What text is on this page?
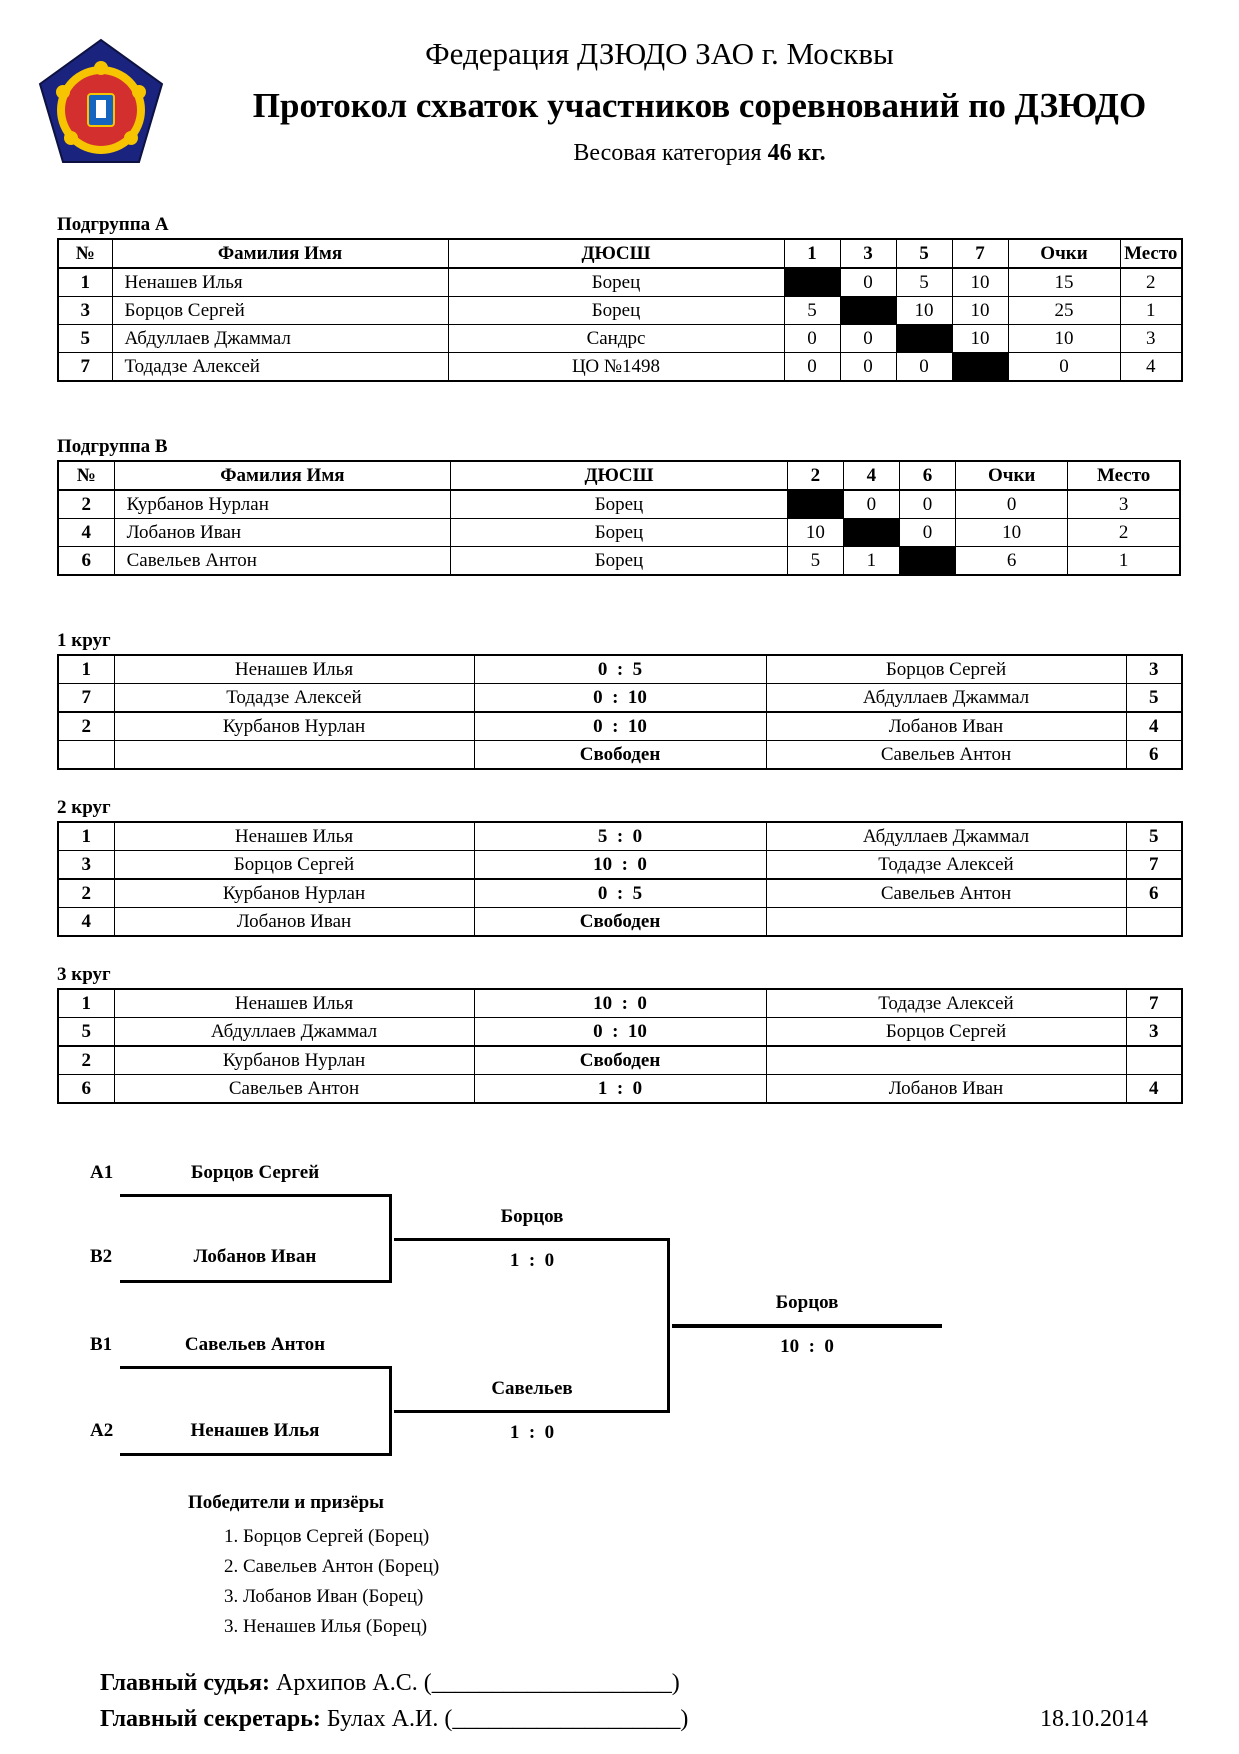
Федерация ДЗЮДО ЗАО г. Москвы
Протокол схваток участников соревнований по ДЗЮДО
Весовая категория 46 кг.
Подгруппа А
№	Фамилия Имя	ДЮСШ	1	3	5	7	Очки	Место
1	Ненашев Илья	Борец		0	5	10	15	2
3	Борцов Сергей	Борец	5		10	10	25	1
5	Абдуллаев Джаммал	Сандрс	0	0		10	10	3
7	Тодадзе Алексей	ЦО №1498	0	0	0		0	4
Подгруппа В
№	Фамилия Имя	ДЮСШ	2	4	6	Очки	Место
2	Курбанов Нурлан	Борец		0	0	0	3
4	Лобанов Иван	Борец	10		0	10	2
6	Савельев Антон	Борец	5	1		6	1
1 круг
1	Ненашев Илья	0  :  5	Борцов Сергей	3
7	Тодадзе Алексей	0  :  10	Абдуллаев Джаммал	5
2	Курбанов Нурлан	0  :  10	Лобанов Иван	4
		Свободен	Савельев Антон	6
2 круг
1	Ненашев Илья	5  :  0	Абдуллаев Джаммал	5
3	Борцов Сергей	10  :  0	Тодадзе Алексей	7
2	Курбанов Нурлан	0  :  5	Савельев Антон	6
4	Лобанов Иван	Свободен		
3 круг
1	Ненашев Илья	10  :  0	Тодадзе Алексей	7
5	Абдуллаев Джаммал	0  :  10	Борцов Сергей	3
2	Курбанов Нурлан	Свободен		
6	Савельев Антон	1  :  0	Лобанов Иван	4
А1	Борцов Сергей
В2	Лобанов Иван
Борцов
1  :  0
В1	Савельев Антон
А2	Ненашев Илья
Савельев
1  :  0
Борцов
10  :  0
Победители и призёры
1. Борцов Сергей (Борец)
2. Савельев Антон (Борец)
3. Лобанов Иван (Борец)
3. Ненашев Илья (Борец)
Главный судья: Архипов А.С. (____________________)
Главный секретарь: Булах А.И. (___________________)	18.10.2014
